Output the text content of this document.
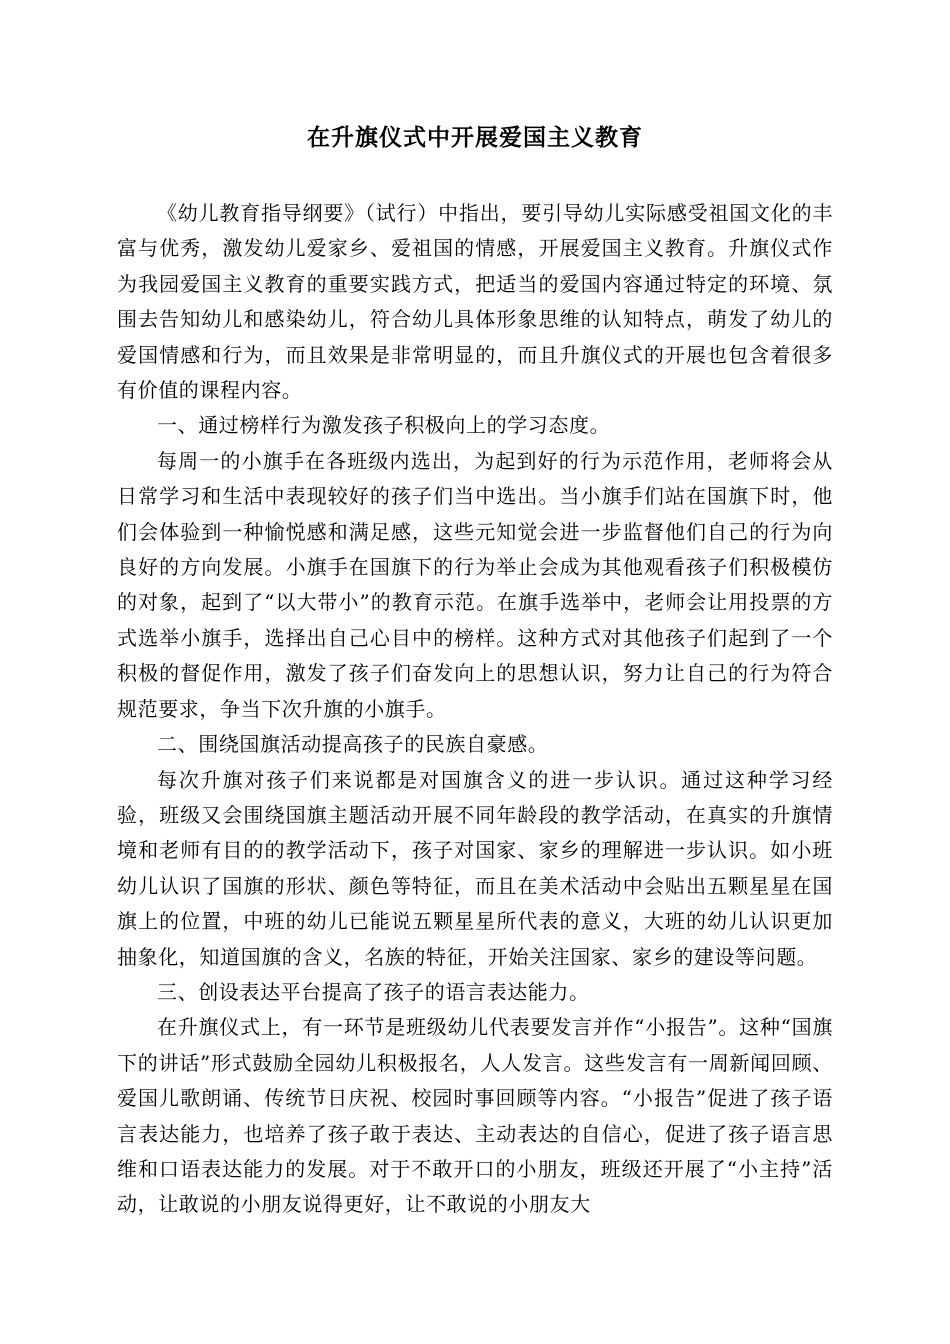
在升旗仪式中开展爱国主义教育

《幼儿教育指导纲要》（试行）中指出，要引导幼儿实际感受祖国文化的丰富与优秀，激发幼儿爱家乡、爱祖国的情感，开展爱国主义教育。升旗仪式作为我园爱国主义教育的重要实践方式，把适当的爱国内容通过特定的环境、氛围去告知幼儿和感染幼儿，符合幼儿具体形象思维的认知特点，萌发了幼儿的爱国情感和行为，而且效果是非常明显的，而且升旗仪式的开展也包含着很多有价值的课程内容。

一、通过榜样行为激发孩子积极向上的学习态度。

每周一的小旗手在各班级内选出，为起到好的行为示范作用，老师将会从日常学习和生活中表现较好的孩子们当中选出。当小旗手们站在国旗下时，他们会体验到一种愉悦感和满足感，这些元知觉会进一步监督他们自己的行为向良好的方向发展。小旗手在国旗下的行为举止会成为其他观看孩子们积极模仿的对象，起到了“以大带小”的教育示范。在旗手选举中，老师会让用投票的方式选举小旗手，选择出自己心目中的榜样。这种方式对其他孩子们起到了一个积极的督促作用，激发了孩子们奋发向上的思想认识，努力让自己的行为符合规范要求，争当下次升旗的小旗手。

二、围绕国旗活动提高孩子的民族自豪感。

每次升旗对孩子们来说都是对国旗含义的进一步认识。通过这种学习经验，班级又会围绕国旗主题活动开展不同年龄段的教学活动，在真实的升旗情境和老师有目的的教学活动下，孩子对国家、家乡的理解进一步认识。如小班幼儿认识了国旗的形状、颜色等特征，而且在美术活动中会贴出五颗星星在国旗上的位置，中班的幼儿已能说五颗星星所代表的意义，大班的幼儿认识更加抽象化，知道国旗的含义，名族的特征，开始关注国家、家乡的建设等问题。

三、创设表达平台提高了孩子的语言表达能力。

在升旗仪式上，有一环节是班级幼儿代表要发言并作“小报告”。这种“国旗下的讲话”形式鼓励全园幼儿积极报名，人人发言。这些发言有一周新闻回顾、爱国儿歌朗诵、传统节日庆祝、校园时事回顾等内容。“小报告”促进了孩子语言表达能力，也培养了孩子敢于表达、主动表达的自信心，促进了孩子语言思维和口语表达能力的发展。对于不敢开口的小朋友，班级还开展了“小主持”活动，让敢说的小朋友说得更好，让不敢说的小朋友大
